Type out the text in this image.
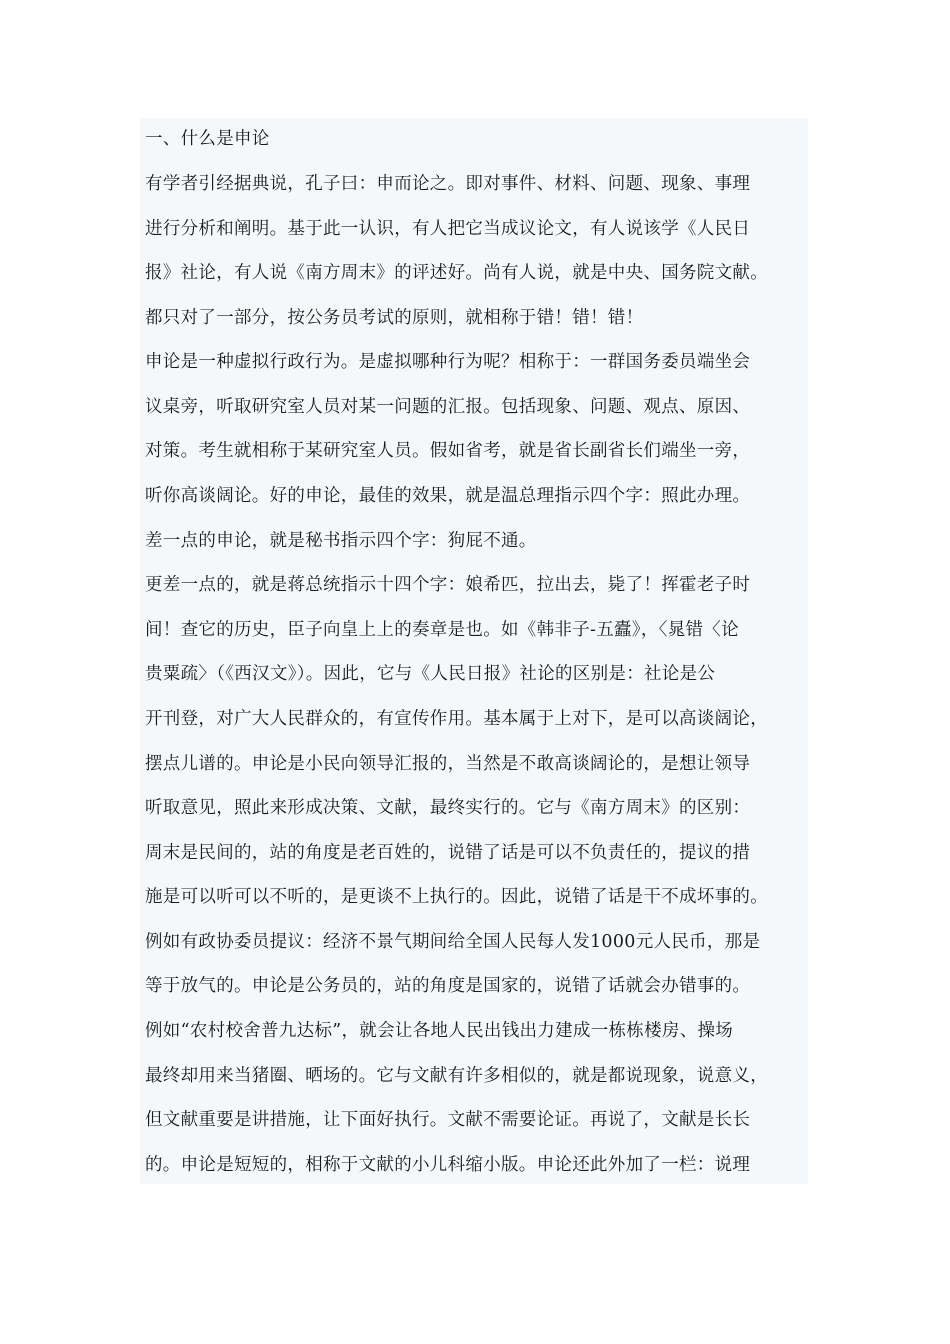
一、什么是申论
有学者引经据典说，孔子曰：申而论之。即对事件、材料、问题、现象、事理
进行分析和阐明。基于此一认识，有人把它当成议论文，有人说该学《人民日
报》社论，有人说《南方周末》的评述好。尚有人说，就是中央、国务院文献。
都只对了一部分，按公务员考试的原则，就相称于错！错！错！
申论是一种虚拟行政行为。是虚拟哪种行为呢？相称于：一群国务委员端坐会
议桌旁，听取研究室人员对某一问题的汇报。包括现象、问题、观点、原因、
对策。考生就相称于某研究室人员。假如省考，就是省长副省长们端坐一旁，
听你高谈阔论。好的申论，最佳的效果，就是温总理指示四个字：照此办理。
差一点的申论，就是秘书指示四个字：狗屁不通。
更差一点的，就是蒋总统指示十四个字：娘希匹，拉出去，毙了！挥霍老子时
间！查它的历史，臣子向皇上上的奏章是也。如《韩非子-五蠹》，〈晁错〈论
贵粟疏〉（《西汉文》）。因此，它与《人民日报》社论的区别是：社论是公
开刊登，对广大人民群众的，有宣传作用。基本属于上对下，是可以高谈阔论，
摆点儿谱的。申论是小民向领导汇报的，当然是不敢高谈阔论的，是想让领导
听取意见，照此来形成决策、文献，最终实行的。它与《南方周末》的区别：
周末是民间的，站的角度是老百姓的，说错了话是可以不负责任的，提议的措
施是可以听可以不听的，是更谈不上执行的。因此，说错了话是干不成坏事的。
例如有政协委员提议：经济不景气期间给全国人民每人发1000元人民币，那是
等于放气的。申论是公务员的，站的角度是国家的，说错了话就会办错事的。
例如“农村校舍普九达标”，就会让各地人民出钱出力建成一栋栋楼房、操场
最终却用来当猪圈、晒场的。它与文献有许多相似的，就是都说现象，说意义，
但文献重要是讲措施，让下面好执行。文献不需要论证。再说了，文献是长长
的。申论是短短的，相称于文献的小儿科缩小版。申论还此外加了一栏：说理
